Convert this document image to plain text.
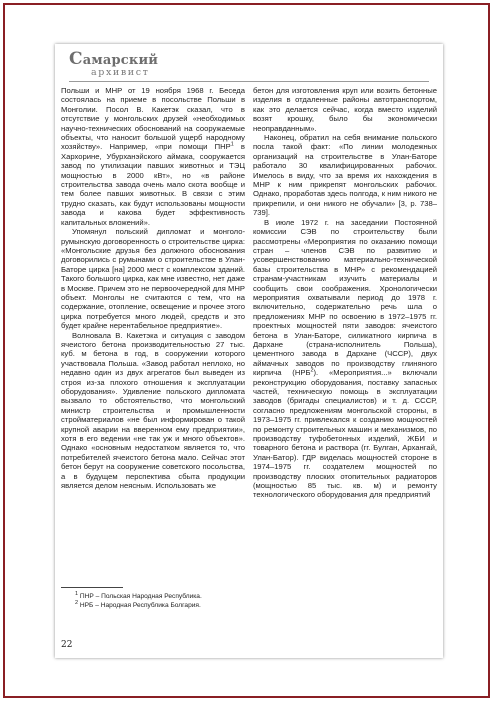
Самарский
архивист

Польши и МНР от 19 ноября 1968 г. Беседа состоялась на приеме в посольстве Польши в Монголии. Посол В. Какетэк сказал, что в отсутствие у монгольских друзей «необходимых научно-технических обоснований на сооружаемые объекты, что наносит большой ущерб народному хозяйству». Например, «при помощи ПНР$^1$ в Хархорине, Убурханэйского аймака, сооружается завод по утилизации павших животных и ТЭЦ мощностью в 2000 кВт», но «в районе строительства завода очень мало скота вообще и тем более павших животных. В связи с этим трудно сказать, как будут использованы мощности завода и какова будет эффективность капитальных вложений».

Упомянул польский дипломат и монголо-румынскую договоренность о строительстве цирка: «Монгольские друзья без должного обоснования договорились с румынами о строительстве в Улан-Баторе цирка [на] 2000 мест с комплексом зданий. Такого большого цирка, как мне известно, нет даже в Москве. Причем это не первоочередной для МНР объект. Монголы не считаются с тем, что на содержание, отопление, освещение и прочее этого цирка потребуется много людей, средств и это будет крайне нерентабельное предприятие».

Волновала В. Какетэка и ситуация с заводом ячеистого бетона производительностью 27 тыс. куб. м бетона в год, в сооружении которого участвовала Польша. «Завод работал неплохо, но недавно один из двух агрегатов был выведен из строя из-за плохого отношения к эксплуатации оборудования». Удивление польского дипломата вызвало то обстоятельство, что монгольский министр строительства и промышленности стройматериалов «не был информирован о такой крупной аварии на вверенном ему предприятии», хотя в его ведении «не так уж и много объектов». Однако «основным недостатком является то, что потребителей ячеистого бетона мало. Сейчас этот бетон берут на сооружение советского посольства, а в будущем перспектива сбыта продукции является делом неясным. Использовать же

бетон для изготовления круп или возить бетонные изделия в отдаленные районы автотранспортом, как это делается сейчас, когда вместо изделий возят крошку, было бы экономически неоправданным».

Наконец, обратил на себя внимание польского посла такой факт: «По линии молодежных организаций на строительстве в Улан-Баторе работало 30 квалифицированных рабочих. Имелось в виду, что за время их нахождения в МНР к ним прикрепят монгольских рабочих. Однако, проработав здесь полгода, к ним никого не прикрепили, и они никого не обучали» [3, р. 738–739].

В июле 1972 г. на заседании Постоянной комиссии СЭВ по строительству были рассмотрены «Мероприятия по оказанию помощи стран – членов СЭВ по развитию и усовершенствованию материально-технической базы строительства в МНР» с рекомендацией странам-участникам изучить материалы и сообщить свои соображения. Хронологически мероприятия охватывали период до 1978 г. включительно, содержательно речь шла о предложениях МНР по освоению в 1972–1975 гг. проектных мощностей пяти заводов: ячеистого бетона в Улан-Баторе, силикатного кирпича в Дархане (страна-исполнитель Польша), цементного завода в Дархане (ЧССР), двух аймачных заводов по производству глиняного кирпича (НРБ$^2$). «Мероприятия...» включали реконструкцию оборудования, поставку запасных частей, техническую помощь в эксплуатации заводов (бригады специалистов) и т. д. СССР, согласно предложениям монгольской стороны, в 1973–1975 гг. привлекался к созданию мощностей по ремонту строительных машин и механизмов, по производству туфобетонных изделий, ЖБИ и товарного бетона и раствора (гг. Булган, Архангай, Улан-Батор). ГДР виделась мощностей стороне в 1974–1975 гг. создателем мощностей по производству плоских отопительных радиаторов (мощностью 85 тыс. кв. м) и ремонту технологического оборудования для предприятий

$^1$ ПНР – Польская Народная Республика.
$^2$ НРБ – Народная Республика Болгария.
22
